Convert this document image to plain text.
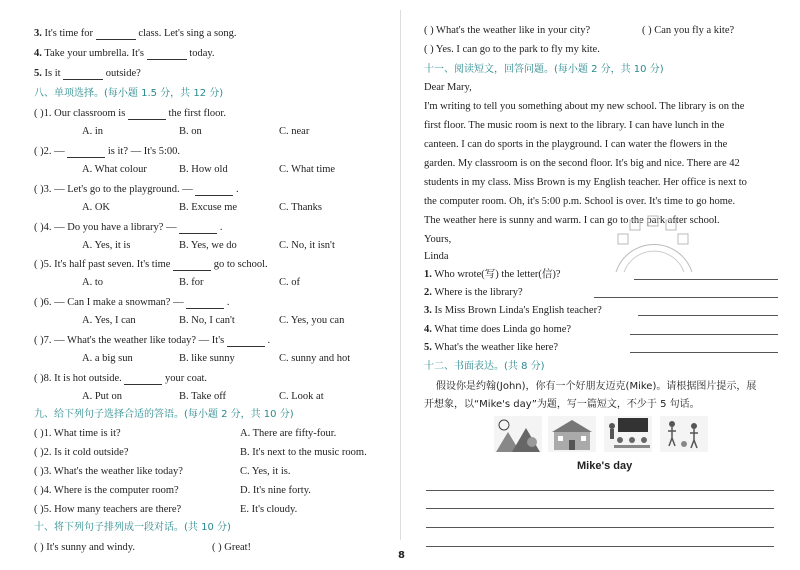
3. It's time for	class. Let's sing a song.
4. Take your umbrella. It's	today.
5. Is it	outside?
八、单项选择。(每小题 1.5 分，共 12 分)
( )1. Our classroom is	the first floor.
A. in	B. on	C. near
( )2. —	is it? — It's 5:00.
A. What colour	B. How old	C. What time
( )3. — Let's go to the playground. —	.
A. OK	B. Excuse me	C. Thanks
( )4. — Do you have a library? —	.
A. Yes, it is	B. Yes, we do	C. No, it isn't
( )5. It's half past seven. It's time	go to school.
A. to	B. for	C. of
( )6. — Can I make a snowman? —	.
A. Yes, I can	B. No, I can't	C. Yes, you can
( )7. — What's the weather like today? — It's	.
A. a big sun	B. like sunny	C. sunny and hot
( )8. It is hot outside.	your coat.
A. Put on	B. Take off	C. Look at
九、给下列句子选择合适的答语。(每小题 2 分，共 10 分)
( )1. What time is it?	A. There are fifty-four.
( )2. Is it cold outside?	B. It's next to the music room.
( )3. What's the weather like today?	C. Yes, it is.
( )4. Where is the computer room?	D. It's nine forty.
( )5. How many teachers are there?	E. It's cloudy.
十、将下列句子排列成一段对话。(共 10 分)
( ) It's sunny and windy.	( ) Great!
( ) What's the weather like in your city?	( ) Can you fly a kite?
( ) Yes. I can go to the park to fly my kite.
十一、阅读短文，回答问题。(每小题 2 分，共 10 分)
Dear Mary,
I'm writing to tell you something about my new school. The library is on the
first floor. The music room is next to the library. I can have lunch in the
canteen. I can do sports in the playground. I can water the flowers in the
garden. My classroom is on the second floor. It's big and nice. There are 42
students in my class. Miss Brown is my English teacher. Her office is next to
the computer room. Oh, it's 5:00 p.m. School is over. It's time to go home.
The weather here is sunny and warm. I can go to the park after school.
Yours,
Linda
1. Who wrote(写) the letter(信)?
2. Where is the library?
3. Is Miss Brown Linda's English teacher?
4. What time does Linda go home?
5. What's the weather like here?
十二、书面表达。(共 8 分)
假设你是约翰(John)，你有一个好朋友迈克(Mike)。请根据图片提示，展
开想象，以“Mike's day”为题，写一篇短文，不少于 5 句话。
Mike's day
8
